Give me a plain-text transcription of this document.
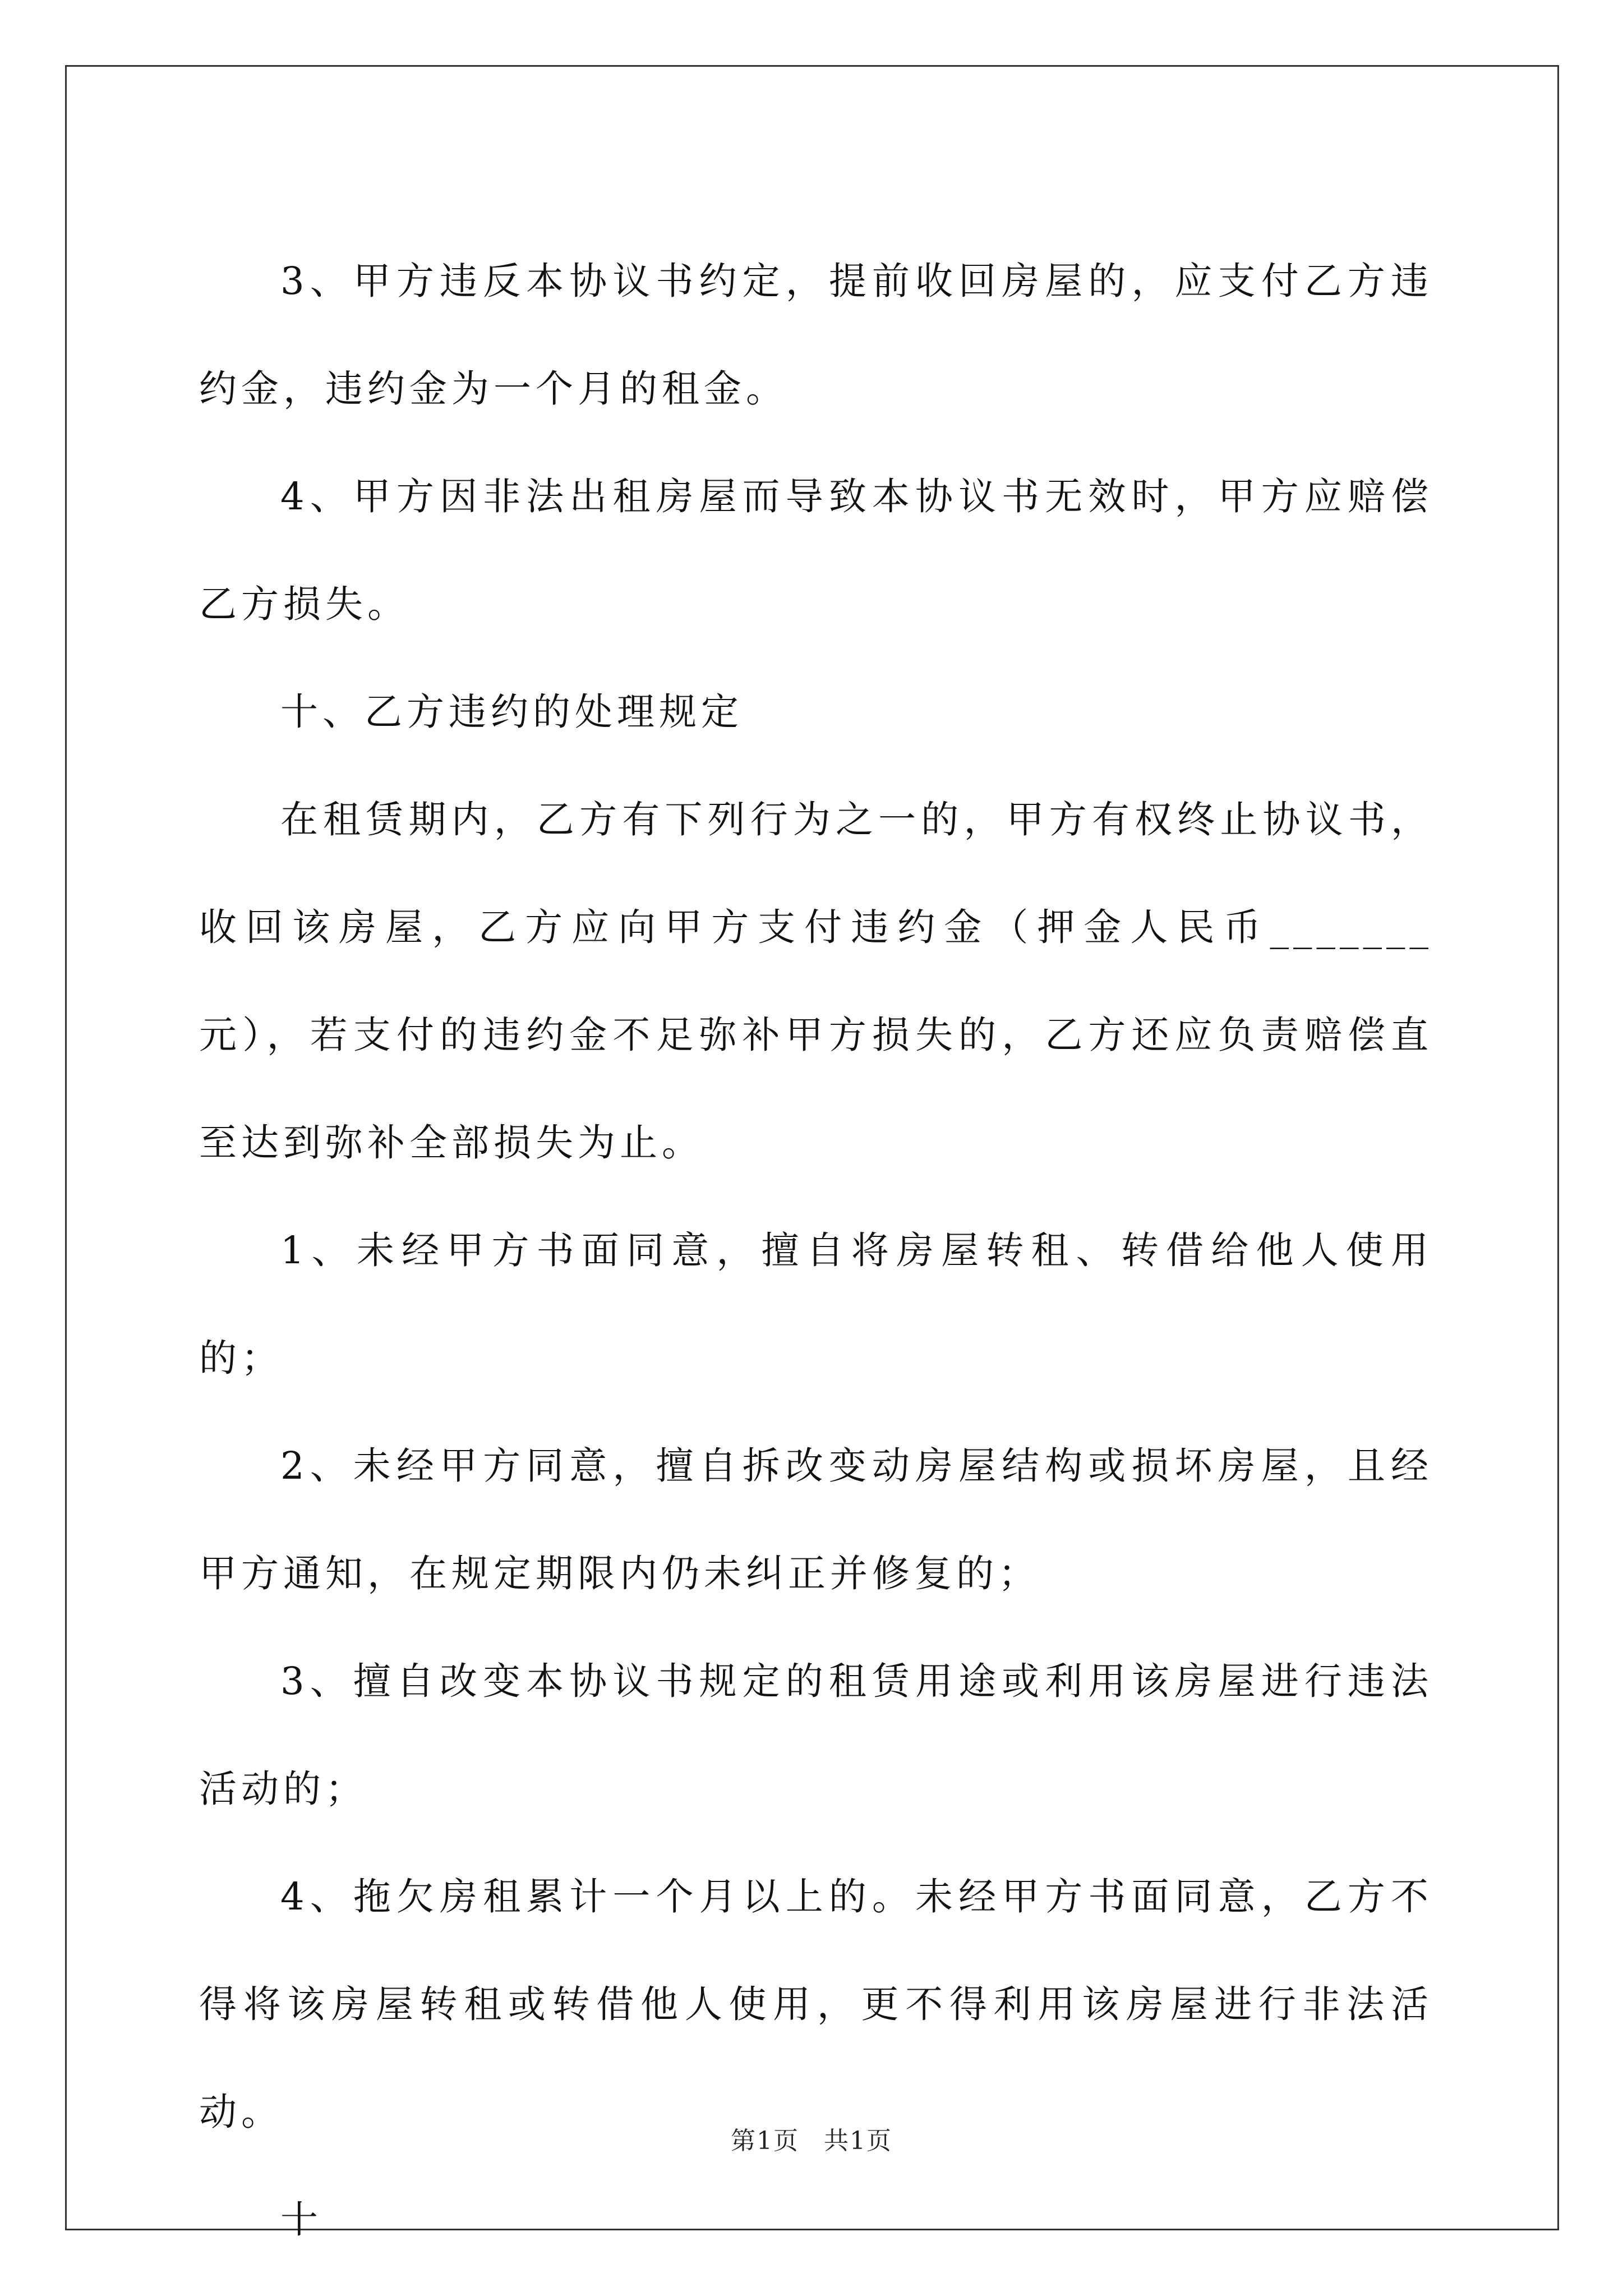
3、甲方违反本协议书约定，提前收回房屋的，应支付乙方违约金，违约金为一个月的租金。

4、甲方因非法出租房屋而导致本协议书无效时，甲方应赔偿乙方损失。

十、乙方违约的处理规定

在租赁期内，乙方有下列行为之一的，甲方有权终止协议书，收回该房屋，乙方应向甲方支付违约金（押金人民币_______元），若支付的违约金不足弥补甲方损失的，乙方还应负责赔偿直至达到弥补全部损失为止。

1、未经甲方书面同意，擅自将房屋转租、转借给他人使用的；

2、未经甲方同意，擅自拆改变动房屋结构或损坏房屋，且经甲方通知，在规定期限内仍未纠正并修复的；

3、擅自改变本协议书规定的租赁用途或利用该房屋进行违法活动的；

4、拖欠房租累计一个月以上的。未经甲方书面同意，乙方不得将该房屋转租或转借他人使用，更不得利用该房屋进行非法活动。

十

第1页 共1页
